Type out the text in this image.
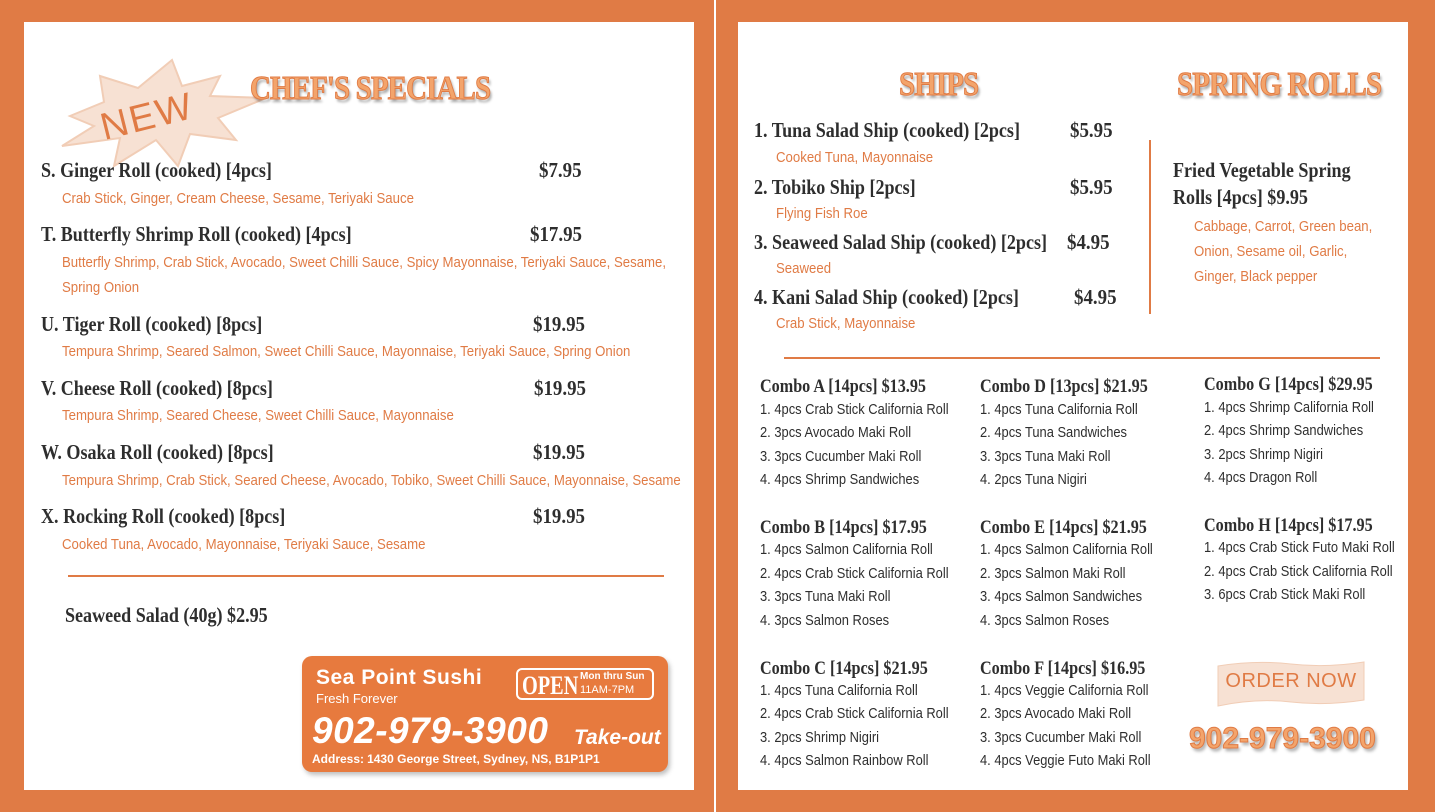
NEW CHEF'S SPECIALS
S. Ginger Roll (cooked) [4pcs]	$7.95
Crab Stick, Ginger, Cream Cheese, Sesame, Teriyaki Sauce
T. Butterfly Shrimp Roll (cooked) [4pcs]	$17.95
Butterfly Shrimp, Crab Stick, Avocado, Sweet Chilli Sauce, Spicy Mayonnaise, Teriyaki Sauce, Sesame, Spring Onion
U. Tiger Roll (cooked) [8pcs]	$19.95
Tempura Shrimp, Seared Salmon, Sweet Chilli Sauce, Mayonnaise, Teriyaki Sauce, Spring Onion
V. Cheese Roll (cooked) [8pcs]	$19.95
Tempura Shrimp, Seared Cheese, Sweet Chilli Sauce, Mayonnaise
W. Osaka Roll (cooked) [8pcs]	$19.95
Tempura Shrimp, Crab Stick, Seared Cheese, Avocado, Tobiko, Sweet Chilli Sauce, Mayonnaise, Sesame
X. Rocking Roll (cooked) [8pcs]	$19.95
Cooked Tuna, Avocado, Mayonnaise, Teriyaki Sauce, Sesame
Seaweed Salad (40g) $2.95
Sea Point Sushi
Fresh Forever	OPEN Mon thru Sun
11AM-7PM
902-979-3900 Take-out
Address: 1430 George Street, Sydney, NS, B1P1P1
SHIPS	SPRING ROLLS
1. Tuna Salad Ship (cooked) [2pcs] $5.95
Cooked Tuna, Mayonnaise
2. Tobiko Ship [2pcs]	$5.95
Flying Fish Roe
3. Seaweed Salad Ship (cooked) [2pcs] $4.95
Seaweed
4. Kani Salad Ship (cooked) [2pcs]	$4.95
Crab Stick, Mayonnaise
Fried Vegetable Spring
Rolls [4pcs] $9.95
Cabbage, Carrot, Green bean,
Onion, Sesame oil, Garlic,
Ginger, Black pepper
Combo A [14pcs] $13.95
1. 4pcs Crab Stick California Roll
2. 3pcs Avocado Maki Roll
3. 3pcs Cucumber Maki Roll
4. 4pcs Shrimp Sandwiches
Combo D [13pcs] $21.95
1. 4pcs Tuna California Roll
2. 4pcs Tuna Sandwiches
3. 3pcs Tuna Maki Roll
4. 2pcs Tuna Nigiri
Combo G [14pcs] $29.95
1. 4pcs Shrimp California Roll
2. 4pcs Shrimp Sandwiches
3. 2pcs Shrimp Nigiri
4. 4pcs Dragon Roll
Combo B [14pcs] $17.95
1. 4pcs Salmon California Roll
2. 4pcs Crab Stick California Roll
3. 3pcs Tuna Maki Roll
4. 3pcs Salmon Roses
Combo E [14pcs] $21.95
1. 4pcs Salmon California Roll
2. 3pcs Salmon Maki Roll
3. 4pcs Salmon Sandwiches
4. 3pcs Salmon Roses
Combo H [14pcs] $17.95
1. 4pcs Crab Stick Futo Maki Roll
2. 4pcs Crab Stick California Roll
3. 6pcs Crab Stick Maki Roll
Combo C [14pcs] $21.95
1. 4pcs Tuna California Roll
2. 4pcs Crab Stick California Roll
3. 2pcs Shrimp Nigiri
4. 4pcs Salmon Rainbow Roll
Combo F [14pcs] $16.95
1. 4pcs Veggie California Roll
2. 3pcs Avocado Maki Roll
3. 3pcs Cucumber Maki Roll
4. 4pcs Veggie Futo Maki Roll
ORDER NOW
902-979-3900
